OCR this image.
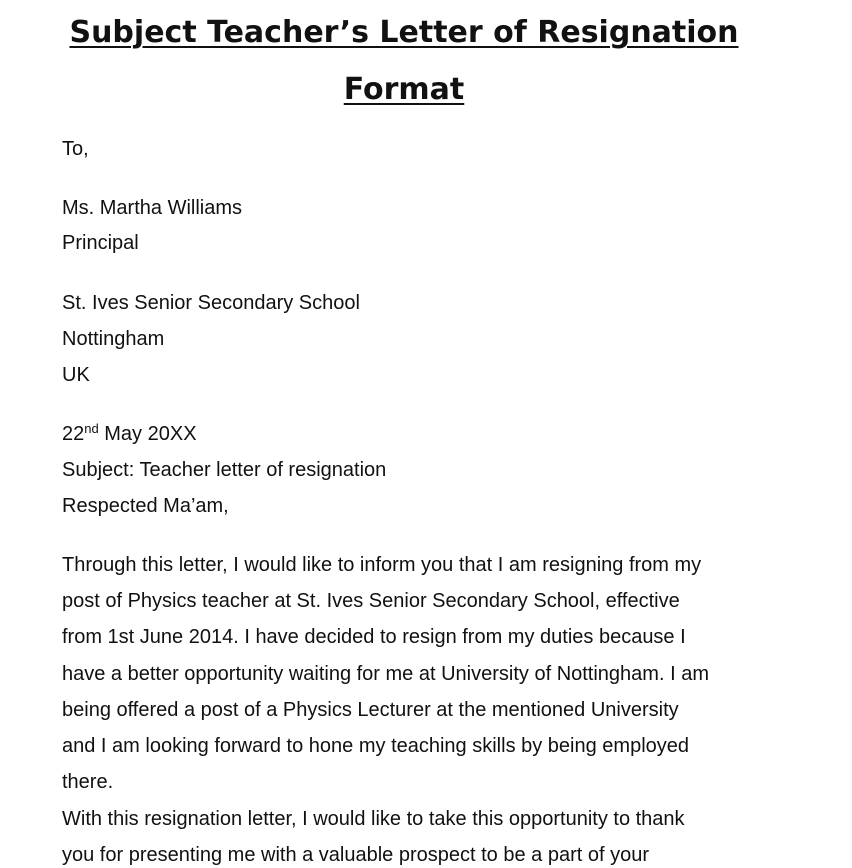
Subject Teacher’s Letter of Resignation
Format

To,

Ms. Martha Williams

Principal

St. Ives Senior Secondary School

Nottingham

UK

22nd May 20XX

Subject: Teacher letter of resignation

Respected Ma’am,

Through this letter, I would like to inform you that I am resigning from my

post of Physics teacher at St. Ives Senior Secondary School, effective

from 1st June 2014. I have decided to resign from my duties because I

have a better opportunity waiting for me at University of Nottingham. I am

being offered a post of a Physics Lecturer at the mentioned University

and I am looking forward to hone my teaching skills by being employed

there.

With this resignation letter, I would like to take this opportunity to thank

you for presenting me with a valuable prospect to be a part of your
